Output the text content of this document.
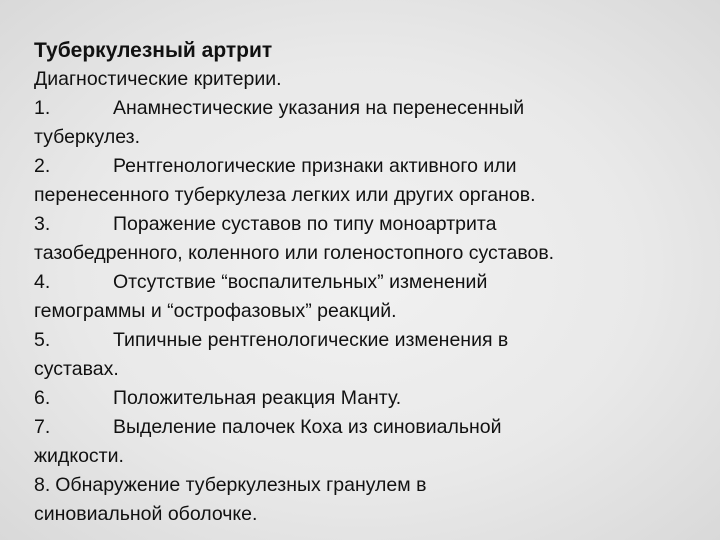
Туберкулезный артрит

Диагностические критерии.

1.	Анамнестические указания на перенесенный
туберкулез.
2.	Рентгенологические признаки активного или
перенесенного туберкулеза легких или других органов.
3.	Поражение суставов по типу моноартрита
тазобедренного, коленного или голеностопного суставов.
4.	Отсутствие “воспалительных” изменений
гемограммы и “острофазовых” реакций.
5.	Типичные рентгенологические изменения в
суставах.
6.	Положительная реакция Манту.
7.	Выделение палочек Коха из синовиальной
жидкости.
8. Обнаружение туберкулезных гранулем в
синовиальной оболочке.
